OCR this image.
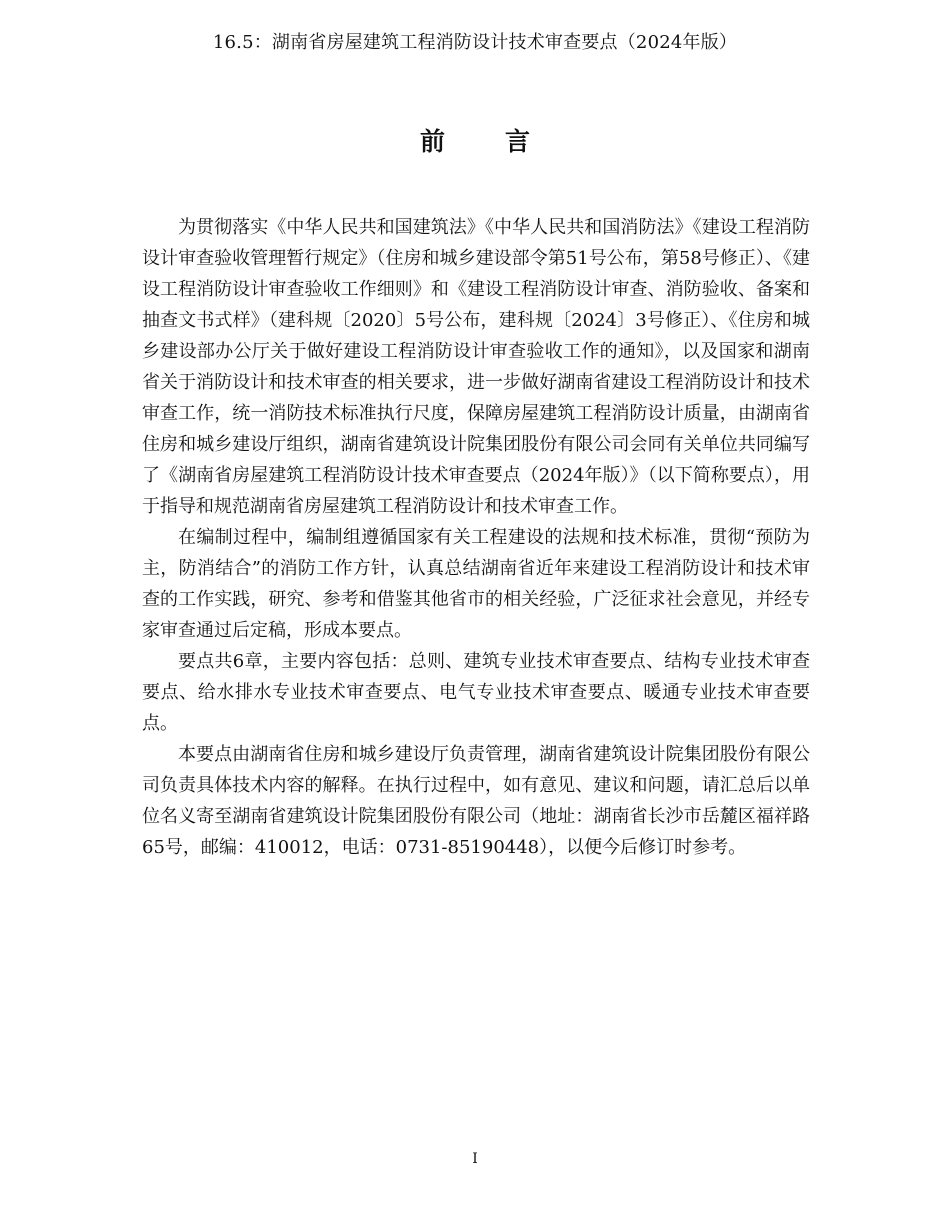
16.5：湖南省房屋建筑工程消防设计技术审查要点（2024年版）
前 言

为贯彻落实《中华人民共和国建筑法》《中华人民共和国消防法》《建设工程消防设计审查验收管理暂行规定》（住房和城乡建设部令第51号公布，第58号修正）、《建设工程消防设计审查验收工作细则》和《建设工程消防设计审查、消防验收、备案和抽查文书式样》（建科规〔2020〕5号公布，建科规〔2024〕3号修正）、《住房和城乡建设部办公厅关于做好建设工程消防设计审查验收工作的通知》，以及国家和湖南省关于消防设计和技术审查的相关要求，进一步做好湖南省建设工程消防设计和技术审查工作，统一消防技术标准执行尺度，保障房屋建筑工程消防设计质量，由湖南省住房和城乡建设厅组织，湖南省建筑设计院集团股份有限公司会同有关单位共同编写了《湖南省房屋建筑工程消防设计技术审查要点（2024年版）》（以下简称要点），用于指导和规范湖南省房屋建筑工程消防设计和技术审查工作。

在编制过程中，编制组遵循国家有关工程建设的法规和技术标准，贯彻“预防为主，防消结合”的消防工作方针，认真总结湖南省近年来建设工程消防设计和技术审查的工作实践，研究、参考和借鉴其他省市的相关经验，广泛征求社会意见，并经专家审查通过后定稿，形成本要点。

要点共6章，主要内容包括：总则、建筑专业技术审查要点、结构专业技术审查要点、给水排水专业技术审查要点、电气专业技术审查要点、暖通专业技术审查要点。

本要点由湖南省住房和城乡建设厅负责管理，湖南省建筑设计院集团股份有限公司负责具体技术内容的解释。在执行过程中，如有意见、建议和问题，请汇总后以单位名义寄至湖南省建筑设计院集团股份有限公司（地址：湖南省长沙市岳麓区福祥路65号，邮编：410012，电话：0731-85190448），以便今后修订时参考。

I
